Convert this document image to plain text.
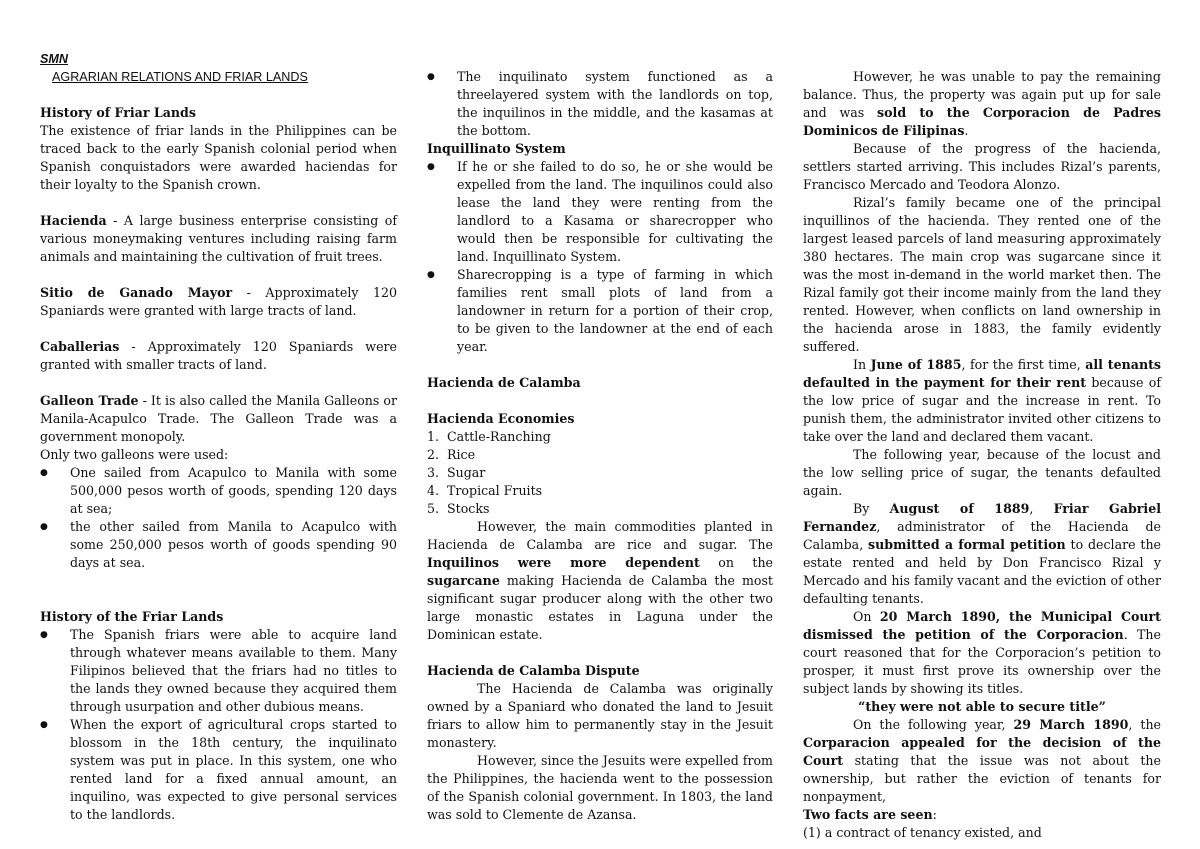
SMN

AGRARIAN RELATIONS AND FRIAR LANDS

History of Friar Lands

The existence of friar lands in the Philippines can be traced back to the early Spanish colonial period when Spanish conquistadors were awarded haciendas for their loyalty to the Spanish crown.

Hacienda - A large business enterprise consisting of various moneymaking ventures including raising farm animals and maintaining the cultivation of fruit trees.

Sitio de Ganado Mayor - Approximately 120 Spaniards were granted with large tracts of land.

Caballerias - Approximately 120 Spaniards were granted with smaller tracts of land.

Galleon Trade - It is also called the Manila Galleons or Manila-Acapulco Trade. The Galleon Trade was a government monopoly.

Only two galleons were used:

● One sailed from Acapulco to Manila with some 500,000 pesos worth of goods, spending 120 days at sea;
● the other sailed from Manila to Acapulco with some 250,000 pesos worth of goods spending 90 days at sea.

History of the Friar Lands

● The Spanish friars were able to acquire land through whatever means available to them. Many Filipinos believed that the friars had no titles to the lands they owned because they acquired them through usurpation and other dubious means.
● When the export of agricultural crops started to blossom in the 18th century, the inquilinato system was put in place. In this system, one who rented land for a fixed annual amount, an inquilino, was expected to give personal services to the landlords.
● The inquilinato system functioned as a threelayered system with the landlords on top, the inquilinos in the middle, and the kasamas at the bottom.

Inquillinato System

● If he or she failed to do so, he or she would be expelled from the land. The inquilinos could also lease the land they were renting from the landlord to a Kasama or sharecropper who would then be responsible for cultivating the land. Inquillinato System.
● Sharecropping is a type of farming in which families rent small plots of land from a landowner in return for a portion of their crop, to be given to the landowner at the end of each year.

Hacienda de Calamba

Hacienda Economies

1. Cattle-Ranching
2. Rice
3. Sugar
4. Tropical Fruits
5. Stocks

However, the main commodities planted in Hacienda de Calamba are rice and sugar. The Inquilinos were more dependent on the sugarcane making Hacienda de Calamba the most significant sugar producer along with the other two large monastic estates in Laguna under the Dominican estate.

Hacienda de Calamba Dispute

The Hacienda de Calamba was originally owned by a Spaniard who donated the land to Jesuit friars to allow him to permanently stay in the Jesuit monastery.

However, since the Jesuits were expelled from the Philippines, the hacienda went to the possession of the Spanish colonial government. In 1803, the land was sold to Clemente de Azansa.

However, he was unable to pay the remaining balance. Thus, the property was again put up for sale and was sold to the Corporacion de Padres Dominicos de Filipinas.

Because of the progress of the hacienda, settlers started arriving. This includes Rizal’s parents, Francisco Mercado and Teodora Alonzo.

Rizal’s family became one of the principal inquillinos of the hacienda. They rented one of the largest leased parcels of land measuring approximately 380 hectares. The main crop was sugarcane since it was the most in-demand in the world market then. The Rizal family got their income mainly from the land they rented. However, when conflicts on land ownership in the hacienda arose in 1883, the family evidently suffered.

In June of 1885, for the first time, all tenants defaulted in the payment for their rent because of the low price of sugar and the increase in rent. To punish them, the administrator invited other citizens to take over the land and declared them vacant.

The following year, because of the locust and the low selling price of sugar, the tenants defaulted again.

By August of 1889, Friar Gabriel Fernandez, administrator of the Hacienda de Calamba, submitted a formal petition to declare the estate rented and held by Don Francisco Rizal y Mercado and his family vacant and the eviction of other defaulting tenants.

On 20 March 1890, the Municipal Court dismissed the petition of the Corporacion. The court reasoned that for the Corporacion’s petition to prosper, it must first prove its ownership over the subject lands by showing its titles.

“they were not able to secure title”

On the following year, 29 March 1890, the Corparacion appealed for the decision of the Court stating that the issue was not about the ownership, but rather the eviction of tenants for nonpayment,

Two facts are seen:

(1) a contract of tenancy existed, and
